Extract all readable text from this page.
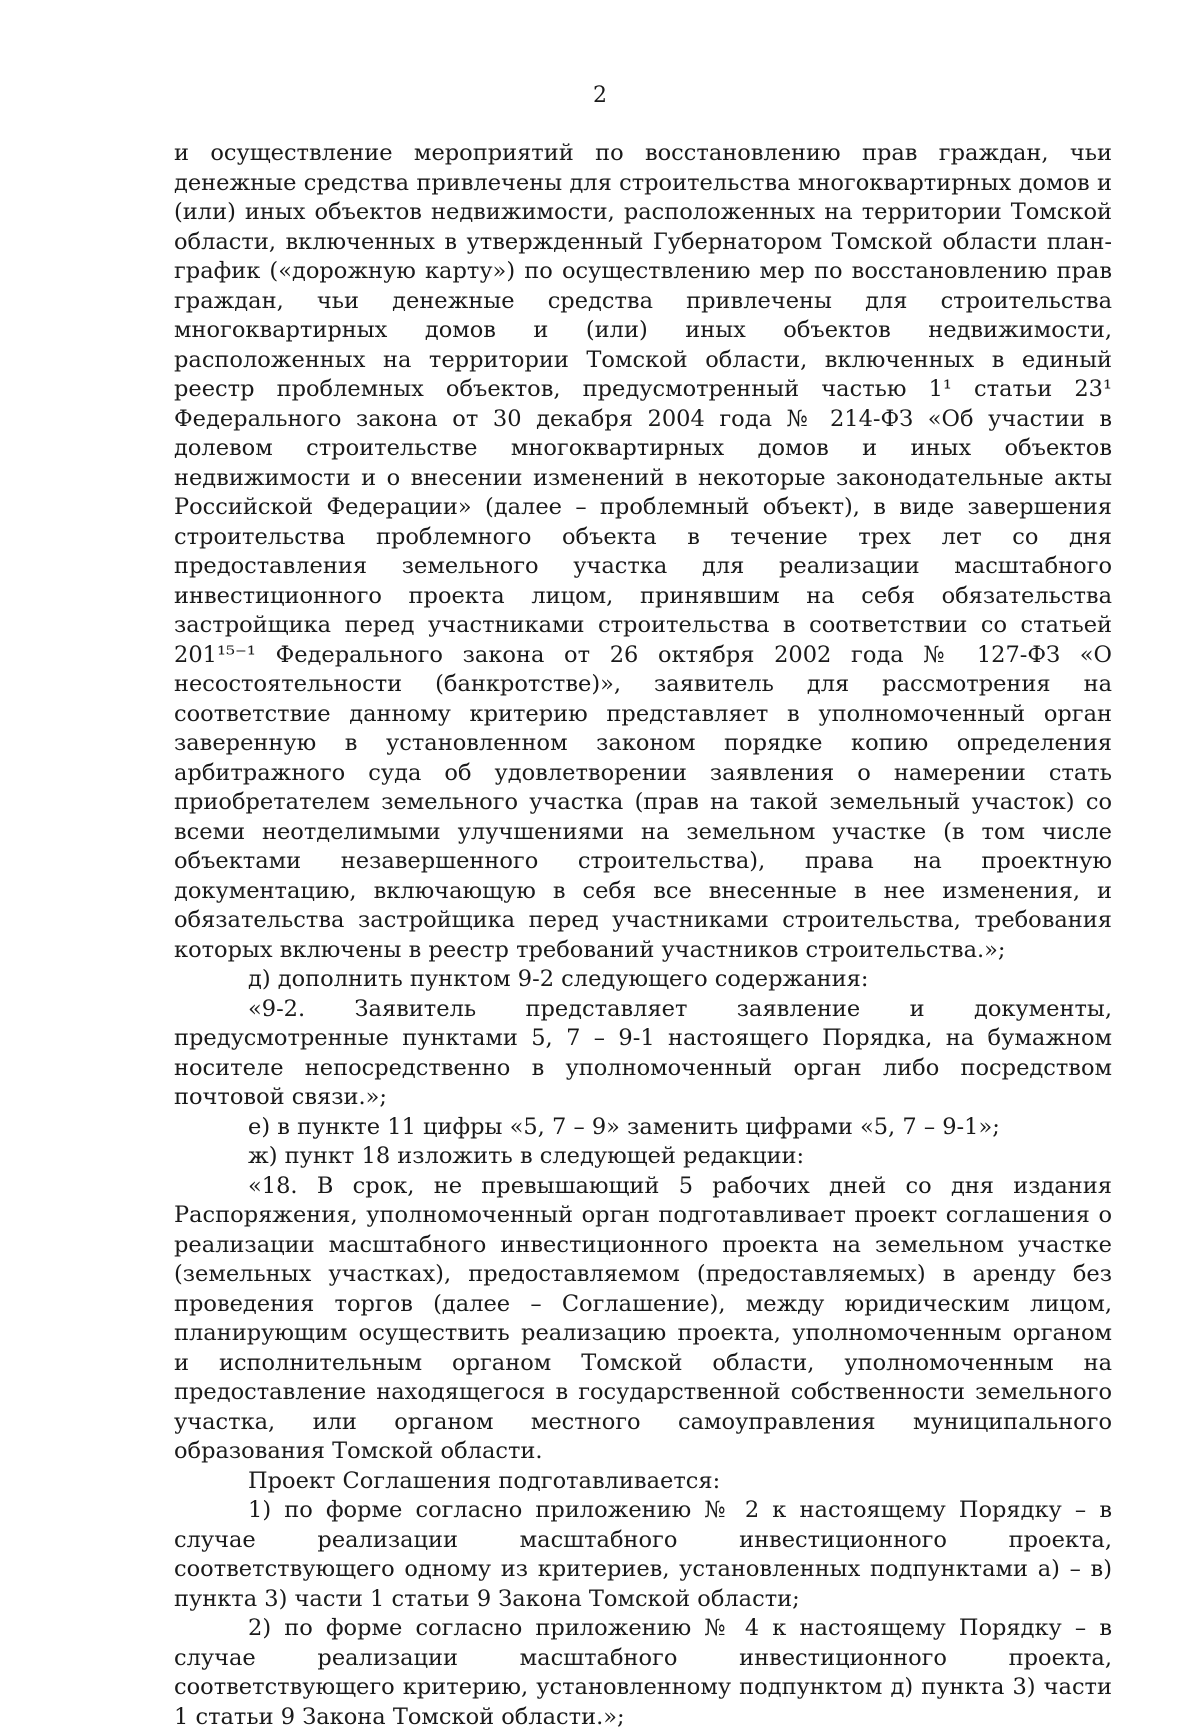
2

и осуществление мероприятий по восстановлению прав граждан, чьи денежные средства привлечены для строительства многоквартирных домов и (или) иных объектов недвижимости, расположенных на территории Томской области, включенных в утвержденный Губернатором Томской области план-график («дорожную карту») по осуществлению мер по восстановлению прав граждан, чьи денежные средства привлечены для строительства многоквартирных домов и (или) иных объектов недвижимости, расположенных на территории Томской области, включенных в единый реестр проблемных объектов, предусмотренный частью 1¹ статьи 23¹ Федерального закона от 30 декабря 2004 года № 214-ФЗ «Об участии в долевом строительстве многоквартирных домов и иных объектов недвижимости и о внесении изменений в некоторые законодательные акты Российской Федерации» (далее – проблемный объект), в виде завершения строительства проблемного объекта в течение трех лет со дня предоставления земельного участка для реализации масштабного инвестиционного проекта лицом, принявшим на себя обязательства застройщика перед участниками строительства в соответствии со статьей 201¹⁵⁻¹ Федерального закона от 26 октября 2002 года № 127-ФЗ «О несостоятельности (банкротстве)», заявитель для рассмотрения на соответствие данному критерию представляет в уполномоченный орган заверенную в установленном законом порядке копию определения арбитражного суда об удовлетворении заявления о намерении стать приобретателем земельного участка (прав на такой земельный участок) со всеми неотделимыми улучшениями на земельном участке (в том числе объектами незавершенного строительства), права на проектную документацию, включающую в себя все внесенные в нее изменения, и обязательства застройщика перед участниками строительства, требования которых включены в реестр требований участников строительства.»;

д) дополнить пунктом 9-2 следующего содержания:

«9-2. Заявитель представляет заявление и документы, предусмотренные пунктами 5, 7 – 9-1 настоящего Порядка, на бумажном носителе непосредственно в уполномоченный орган либо посредством почтовой связи.»;

е) в пункте 11 цифры «5, 7 – 9» заменить цифрами «5, 7 – 9-1»;

ж) пункт 18 изложить в следующей редакции:

«18. В срок, не превышающий 5 рабочих дней со дня издания Распоряжения, уполномоченный орган подготавливает проект соглашения о реализации масштабного инвестиционного проекта на земельном участке (земельных участках), предоставляемом (предоставляемых) в аренду без проведения торгов (далее – Соглашение), между юридическим лицом, планирующим осуществить реализацию проекта, уполномоченным органом и исполнительным органом Томской области, уполномоченным на предоставление находящегося в государственной собственности земельного участка, или органом местного самоуправления муниципального образования Томской области.

Проект Соглашения подготавливается:

1) по форме согласно приложению № 2 к настоящему Порядку – в случае реализации масштабного инвестиционного проекта, соответствующего одному из критериев, установленных подпунктами а) – в) пункта 3) части 1 статьи 9 Закона Томской области;

2) по форме согласно приложению № 4 к настоящему Порядку – в случае реализации масштабного инвестиционного проекта, соответствующего критерию, установленному подпунктом д) пункта 3) части 1 статьи 9 Закона Томской области.»;
